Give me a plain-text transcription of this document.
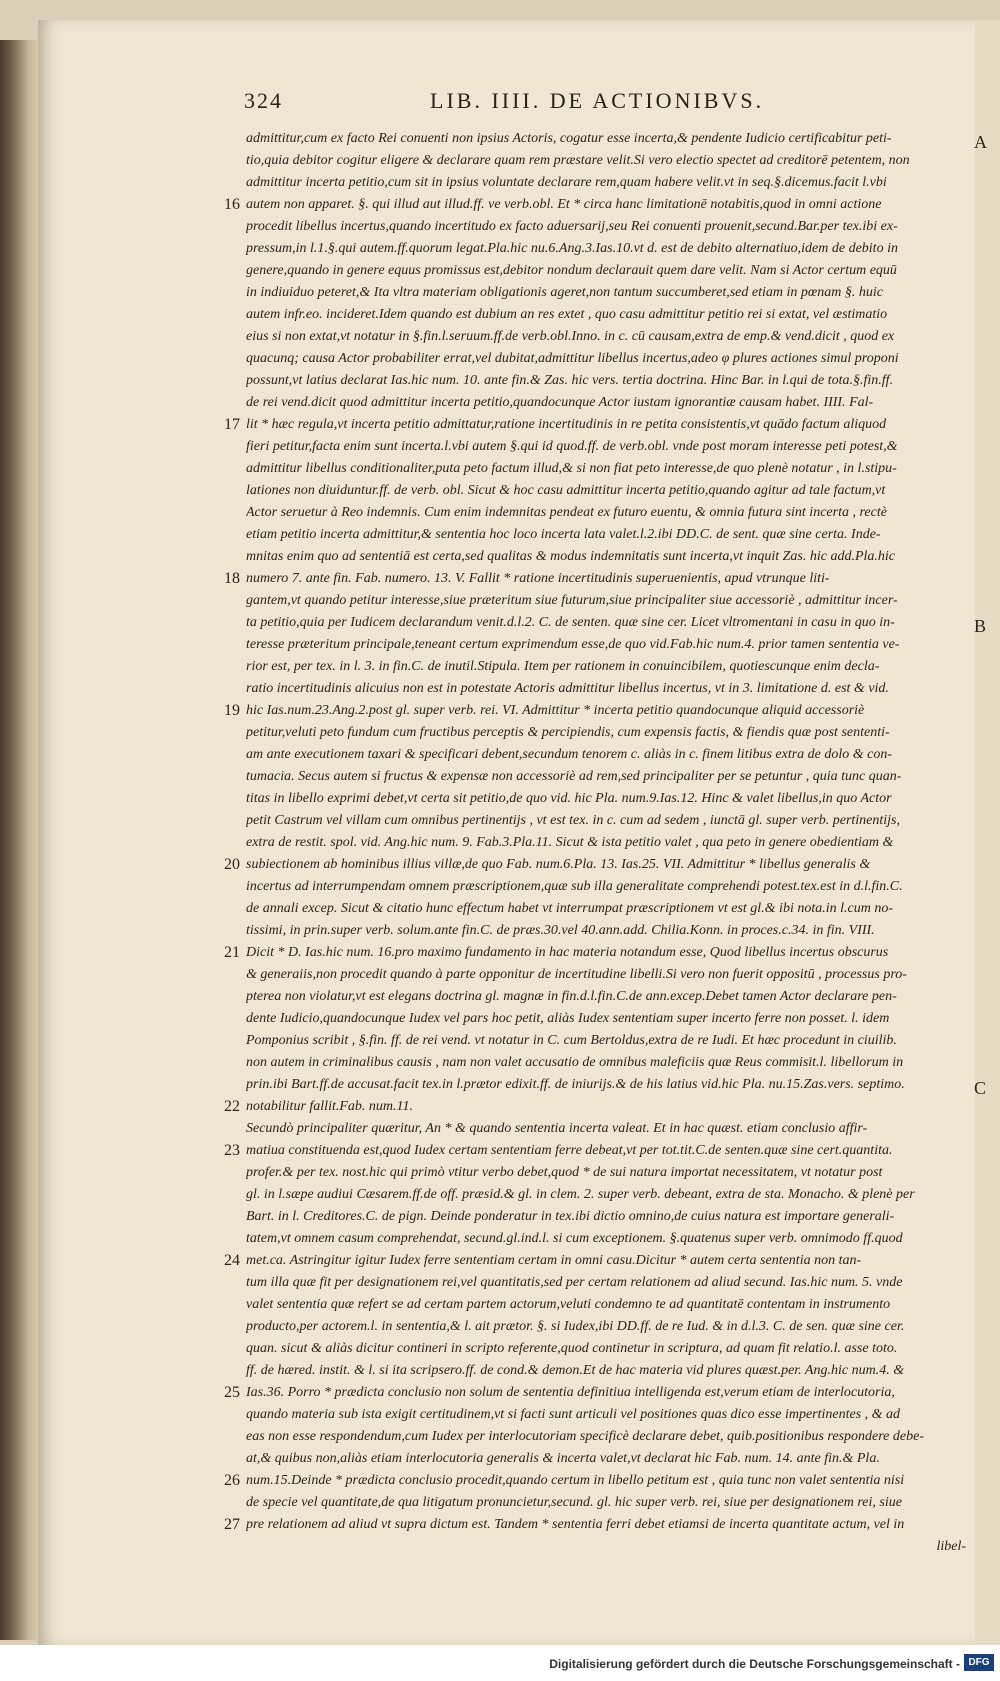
324	LIB. IIII. DE ACTIONIBVS.
admittitur,cum ex facto Rei conuenti non ipsius Actoris, cogatur esse incerta,& pendente Iudicio certificabitur peti-
tio,quia debitor cogitur eligere & declarare quam rem præstare velit.Si vero electio spectet ad creditorē petentem, non
admittitur incerta petitio,cum sit in ipsius voluntate declarare rem,quam habere velit.vt in seq.§.dicemus.facit l.vbi
autem non apparet. §. qui illud aut illud.ff. ve verb.obl. Et * circa hanc limitationē notabitis,quod in omni actione
procedit libellus incertus,quando incertitudo ex facto aduersarij,seu Rei conuenti prouenit,secund.Bar.per tex.ibi ex-
pressum,in l.1.§.qui autem.ff.quorum legat.Pla.hic nu.6.Ang.3.Ias.10.vt d. est de debito alternatiuo,idem de debito in
genere,quando in genere equus promissus est,debitor nondum declarauit quem dare velit. Nam si Actor certum equū
in indiuiduo peteret,& Ita vltra materiam obligationis ageret,non tantum succumberet,sed etiam in pœnam §. huic
autem infr.eo. incideret.Idem quando est dubium an res extet , quo casu admittitur petitio rei si extat, vel æstimatio
eius si non extat,vt notatur in §.fin.l.seruum.ff.de verb.obl.Inno. in c. cū causam,extra de emp.& vend.dicit , quod ex
quacunq; causa Actor probabiliter errat,vel dubitat,admittitur libellus incertus,adeo φ plures actiones simul proponi
possunt,vt latius declarat Ias.hic num. 10. ante fin.& Zas. hic vers. tertia doctrina. Hinc Bar. in l.qui de tota.§.fin.ff.
de rei vend.dicit quod admittitur incerta petitio,quandocunque Actor iustam ignorantiæ causam habet. IIII. Fal-
lit * hæc regula,vt incerta petitio admittatur,ratione incertitudinis in re petita consistentis,vt quādo factum aliquod
fieri petitur,facta enim sunt incerta.l.vbi autem §.qui id quod.ff. de verb.obl. vnde post moram interesse peti potest,&
admittitur libellus conditionaliter,puta peto factum illud,& si non fiat peto interesse,de quo plenè notatur , in l.stipu-
lationes non diuiduntur.ff. de verb. obl. Sicut & hoc casu admittitur incerta petitio,quando agitur ad tale factum,vt
Actor seruetur à Reo indemnis. Cum enim indemnitas pendeat ex futuro euentu, & omnia futura sint incerta , rectè
etiam petitio incerta admittitur,& sententia hoc loco incerta lata valet.l.2.ibi DD.C. de sent. quæ sine certa. Inde-
mnitas enim quo ad sententiā est certa,sed qualitas & modus indemnitatis sunt incerta,vt inquit Zas. hic add.Pla.hic
numero 7. ante fin. Fab. numero. 13. V. Fallit * ratione incertitudinis superuenientis, apud vtrunque liti-
gantem,vt quando petitur interesse,siue præteritum siue futurum,siue principaliter siue accessoriè , admittitur incer-
ta petitio,quia per Iudicem declarandum venit.d.l.2. C. de senten. quæ sine cer. Licet vltromentani in casu in quo in-
teresse præteritum principale,teneant certum exprimendum esse,de quo vid.Fab.hic num.4. prior tamen sententia ve-
rior est, per tex. in l. 3. in fin.C. de inutil.Stipula. Item per rationem in conuincibilem, quotiescunque enim decla-
ratio incertitudinis alicuius non est in potestate Actoris admittitur libellus incertus, vt in 3. limitatione d. est & vid.
hic Ias.num.23.Ang.2.post gl. super verb. rei. VI. Admittitur * incerta petitio quandocunque aliquid accessoriè
petitur,veluti peto fundum cum fructibus perceptis & percipiendis, cum expensis factis, & fiendis quæ post sententi-
am ante executionem taxari & specificari debent,secundum tenorem c. aliàs in c. finem litibus extra de dolo & con-
tumacia. Secus autem si fructus & expensæ non accessoriè ad rem,sed principaliter per se petuntur , quia tunc quan-
titas in libello exprimi debet,vt certa sit petitio,de quo vid. hic Pla. num.9.Ias.12. Hinc & valet libellus,in quo Actor
petit Castrum vel villam cum omnibus pertinentijs , vt est tex. in c. cum ad sedem , iunctā gl. super verb. pertinentijs,
extra de restit. spol. vid. Ang.hic num. 9. Fab.3.Pla.11. Sicut & ista petitio valet , qua peto in genere obedientiam &
subiectionem ab hominibus illius villæ,de quo Fab. num.6.Pla. 13. Ias.25. VII. Admittitur * libellus generalis &
incertus ad interrumpendam omnem præscriptionem,quæ sub illa generalitate comprehendi potest.tex.est in d.l.fin.C.
de annali excep. Sicut & citatio hunc effectum habet vt interrumpat præscriptionem vt est gl.& ibi nota.in l.cum no-
tissimi, in prin.super verb. solum.ante fin.C. de præs.30.vel 40.ann.add. Chilia.Konn. in proces.c.34. in fin. VIII.
Dicit * D. Ias.hic num. 16.pro maximo fundamento in hac materia notandum esse, Quod libellus incertus obscurus
& generaiis,non procedit quando à parte opponitur de incertitudine libelli.Si vero non fuerit oppositū , processus pro-
pterea non violatur,vt est elegans doctrina gl. magnæ in fin.d.l.fin.C.de ann.excep.Debet tamen Actor declarare pen-
dente Iudicio,quandocunque Iudex vel pars hoc petit, aliàs Iudex sententiam super incerto ferre non posset. l. idem
Pomponius scribit , §.fin. ff. de rei vend. vt notatur in C. cum Bertoldus,extra de re Iudi. Et hæc procedunt in ciuilib.
non autem in criminalibus causis , nam non valet accusatio de omnibus maleficiis quæ Reus commisit.l. libellorum in
prin.ibi Bart.ff.de accusat.facit tex.in l.prætor edixit.ff. de iniurijs.& de his latius vid.hic Pla. nu.15.Zas.vers. septimo.
notabilitur fallit.Fab. num.11.
Secundò principaliter quæritur, An * & quando sententia incerta valeat. Et in hac quæst. etiam conclusio affir-
matiua constituenda est,quod Iudex certam sententiam ferre debeat,vt per tot.tit.C.de senten.quæ sine cert.quantita.
profer.& per tex. nost.hic qui primò vtitur verbo debet,quod * de sui natura importat necessitatem, vt notatur post
gl. in l.sæpe audiui Cæsarem.ff.de off. præsid.& gl. in clem. 2. super verb. debeant, extra de sta. Monacho. & plenè per
Bart. in l. Creditores.C. de pign. Deinde ponderatur in tex.ibi dictio omnino,de cuius natura est importare generali-
tatem,vt omnem casum comprehendat, secund.gl.ind.l. si cum exceptionem. §.quatenus super verb. omnimodo ff.quod
met.ca. Astringitur igitur Iudex ferre sententiam certam in omni casu.Dicitur * autem certa sententia non tan-
tum illa quæ fit per designationem rei,vel quantitatis,sed per certam relationem ad aliud secund. Ias.hic num. 5. vnde
valet sententia quæ refert se ad certam partem actorum,veluti condemno te ad quantitatē contentam in instrumento
producto,per actorem.l. in sententia,& l. ait prætor. §. si Iudex,ibi DD.ff. de re Iud. & in d.l.3. C. de sen. quæ sine cer.
quan. sicut & aliàs dicitur contineri in scripto referente,quod continetur in scriptura, ad quam fit relatio.l. asse toto.
ff. de hæred. instit. & l. si ita scripsero.ff. de cond.& demon.Et de hac materia vid plures quæst.per. Ang.hic num.4. &
Ias.36. Porro * prædicta conclusio non solum de sententia definitiua intelligenda est,verum etiam de interlocutoria,
quando materia sub ista exigit certitudinem,vt si facti sunt articuli vel positiones quas dico esse impertinentes , & ad
eas non esse respondendum,cum Iudex per interlocutoriam specificè declarare debet, quib.positionibus respondere debe-
at,& quibus non,aliàs etiam interlocutoria generalis & incerta valet,vt declarat hic Fab. num. 14. ante fin.& Pla.
num.15.Deinde * prædicta conclusio procedit,quando certum in libello petitum est , quia tunc non valet sententia nisi
de specie vel quantitate,de qua litigatum pronuncietur,secund. gl. hic super verb. rei, siue per designationem rei, siue
pre relationem ad aliud vt supra dictum est. Tandem * sententia ferri debet etiamsi de incerta quantitate actum, vel in
libel-
16
17
18
19
20
21
22
23
24
25
26
27
A
B
C
Digitalisierung gefördert durch die Deutsche Forschungsgemeinschaft - DFG
